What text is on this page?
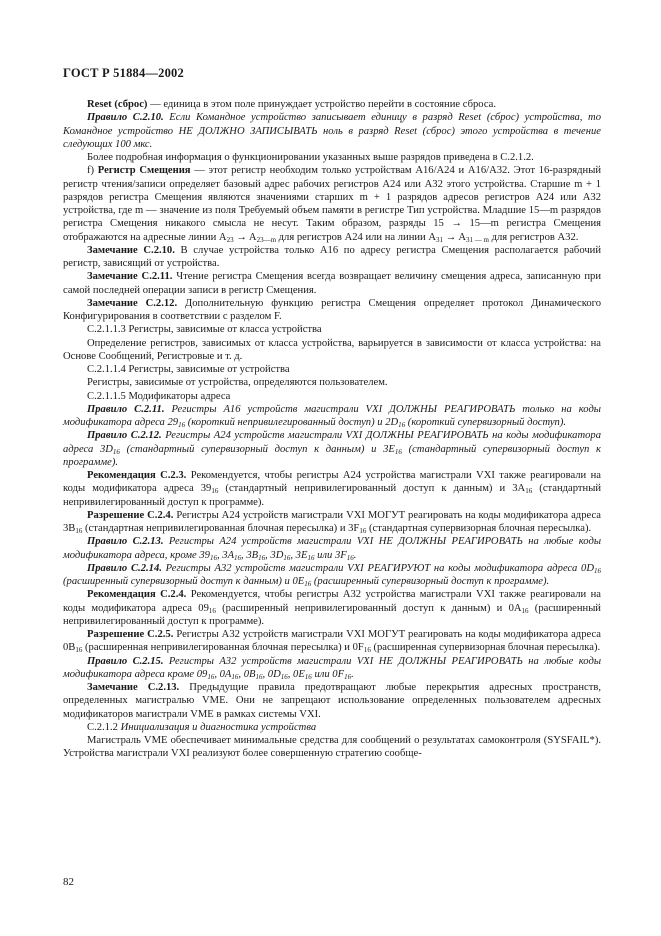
ГОСТ Р 51884—2002

Reset (сброс) — единица в этом поле принуждает устройство перейти в состояние сброса.

Правило C.2.10. Если Командное устройство записывает единицу в разряд Reset (сброс) устройства, то Командное устройство НЕ ДОЛЖНО ЗАПИСЫВАТЬ ноль в разряд Reset (сброс) этого устройства в течение следующих 100 мкс.

Более подробная информация о функционировании указанных выше разрядов приведена в С.2.1.2.

f) Регистр Смещения — этот регистр необходим только устройствам А16/А24 и А16/А32. Этот 16-разрядный регистр чтения/записи определяет базовый адрес рабочих регистров А24 или А32 этого устройства. Старшие m + 1 разрядов регистра Смещения являются значениями старших m + 1 разрядов адресов регистров А24 или А32 устройства, где m — значение из поля Требуемый объем памяти в регистре Тип устройства. Младшие 15—m разрядов регистра Смещения никакого смысла не несут. Таким образом, разряды 15 → 15—m регистра Смещения отображаются на адресные линии $A_{23} \to A_{23—m}$ для регистров А24 или на линии $A_{31} \to A_{31 — m}$ для регистров А32.

Замечание С.2.10. В случае устройства только А16 по адресу регистра Смещения располагается рабочий регистр, зависящий от устройства.

Замечание С.2.11. Чтение регистра Смещения всегда возвращает величину смещения адреса, записанную при самой последней операции записи в регистр Смещения.

Замечание С.2.12. Дополнительную функцию регистра Смещения определяет протокол Динамического Конфигурирования в соответствии с разделом F.

С.2.1.1.3 Регистры, зависимые от класса устройства

Определение регистров, зависимых от класса устройства, варьируется в зависимости от класса устройства: на Основе Сообщений, Регистровые и т. д.

С.2.1.1.4 Регистры, зависимые от устройства

Регистры, зависимые от устройства, определяются пользователем.

С.2.1.1.5 Модификаторы адреса

Правило С.2.11. Регистры А16 устройств магистрали VXI ДОЛЖНЫ РЕАГИРОВАТЬ только на коды модификатора адреса $29_{16}$ (короткий непривилегированный доступ) и $2D_{16}$ (короткий супервизорный доступ).

Правило С.2.12. Регистры А24 устройств магистрали VXI ДОЛЖНЫ РЕАГИРОВАТЬ на коды модификатора адреса $3D_{16}$ (стандартный супервизорный доступ к данным) и $3E_{16}$ (стандартный супервизорный доступ к программе).

Рекомендация С.2.3. Рекомендуется, чтобы регистры А24 устройства магистрали VXI также реагировали на коды модификатора адреса $39_{16}$ (стандартный непривилегированный доступ к данным) и $3A_{16}$ (стандартный непривилегированный доступ к программе).

Разрешение С.2.4. Регистры А24 устройств магистрали VXI МОГУТ реагировать на коды модификатора адреса $3B_{16}$ (стандартная непривилегированная блочная пересылка) и $3F_{16}$ (стандартная супервизорная блочная пересылка).

Правило С.2.13. Регистры А24 устройств магистрали VXI НЕ ДОЛЖНЫ РЕАГИРОВАТЬ на любые коды модификатора адреса, кроме $39_{16}$, $3A_{16}$, $3B_{16}$, $3D_{16}$, $3E_{16}$ или $3F_{16}$.

Правило С.2.14. Регистры А32 устройств магистрали VXI РЕАГИРУЮТ на коды модификатора адреса $0D_{16}$ (расширенный супервизорный доступ к данным) и $0E_{16}$ (расширенный супервизорный доступ к программе).

Рекомендация С.2.4. Рекомендуется, чтобы регистры А32 устройства магистрали VXI также реагировали на коды модификатора адреса $09_{16}$ (расширенный непривилегированный доступ к данным) и $0A_{16}$ (расширенный непривилегированный доступ к программе).

Разрешение С.2.5. Регистры А32 устройств магистрали VXI МОГУТ реагировать на коды модификатора адреса $0B_{16}$ (расширенная непривилегированная блочная пересылка) и $0F_{16}$ (расширенная супервизорная блочная пересылка).

Правило С.2.15. Регистры А32 устройств магистрали VXI НЕ ДОЛЖНЫ РЕАГИРОВАТЬ на любые коды модификатора адреса кроме $09_{16}$, $0A_{16}$, $0B_{16}$, $0D_{16}$, $0E_{16}$ или $0F_{16}$.

Замечание С.2.13. Предыдущие правила предотвращают любые перекрытия адресных пространств, определенных магистралью VME. Они не запрещают использование определенных пользователем адресных модификаторов магистрали VME в рамках системы VXI.

С.2.1.2 Инициализация и диагностика устройства

Магистраль VME обеспечивает минимальные средства для сообщений о результатах самоконтроля (SYSFAIL*). Устройства магистрали VXI реализуют более совершенную стратегию сообще-

82
